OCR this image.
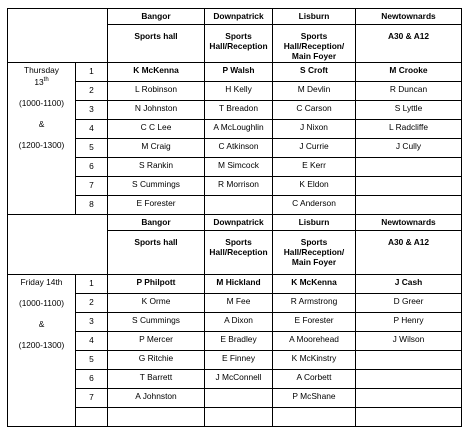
		Bangor	Downpatrick	Lisburn	Newtownards
		Sports hall	Sports Hall/Reception	Sports Hall/Reception/ Main Foyer	A30 & A12

Thursday
13th
(1000-1100)
&
(1200-1300)	1	K McKenna	P Walsh	S Croft	M Crooke
	2	L Robinson	H Kelly	M Devlin	R Duncan
	3	N Johnston	T Breadon	C Carson	S Lyttle
	4	C C Lee	A McLoughlin	J Nixon	L Radcliffe
	5	M Craig	C Atkinson	J Currie	J Cully
	6	S Rankin	M Simcock	E Kerr	
	7	S Cummings	R Morrison	K Eldon	
	8	E Forester		C Anderson	
		Bangor	Downpatrick	Lisburn	Newtownards
		Sports hall	Sports Hall/Reception	Sports Hall/Reception/ Main Foyer	A30 & A12

Friday 14th
(1000-1100)
&
(1200-1300)	1	P Philpott	M Hickland	K McKenna	J Cash
	2	K Orme	M Fee	R Armstrong	D Greer
	3	S Cummings	A Dixon	E Forester	P Henry
	4	P Mercer	E Bradley	A Moorehead	J Wilson
	5	G Ritchie	E Finney	K McKinstry	
	6	T Barrett	J McConnell	A Corbett	
	7	A Johnston		P McShane	
